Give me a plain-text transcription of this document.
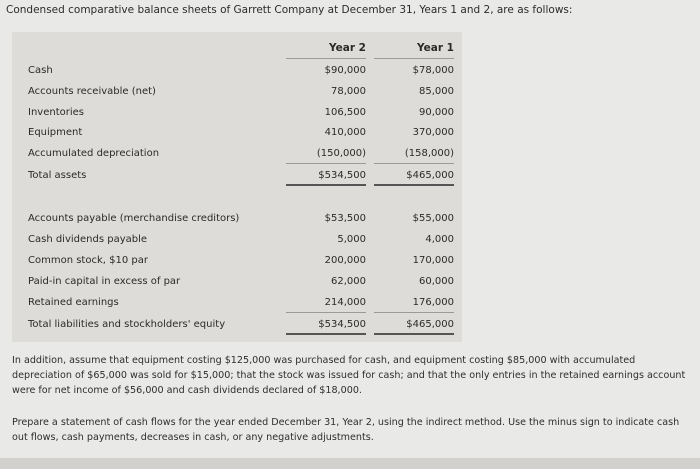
Condensed comparative balance sheets of Garrett Company at December 31, Years 1 and 2, are as follows:
Year 2	Year 1
Cash	$90,000	$78,000
Accounts receivable (net)	78,000	85,000
Inventories	106,500	90,000
Equipment	410,000	370,000
Accumulated depreciation	(150,000)	(158,000)
Total assets	$534,500	$465,000
Accounts payable (merchandise creditors)	$53,500	$55,000
Cash dividends payable	5,000	4,000
Common stock, $10 par	200,000	170,000
Paid-in capital in excess of par	62,000	60,000
Retained earnings	214,000	176,000
Total liabilities and stockholders' equity	$534,500	$465,000

In addition, assume that equipment costing $125,000 was purchased for cash, and equipment costing $85,000 with accumulated depreciation of $65,000 was sold for $15,000; that the stock was issued for cash; and that the only entries in the retained earnings account were for net income of $56,000 and cash dividends declared of $18,000.

Prepare a statement of cash flows for the year ended December 31, Year 2, using the indirect method. Use the minus sign to indicate cash out flows, cash payments, decreases in cash, or any negative adjustments.
